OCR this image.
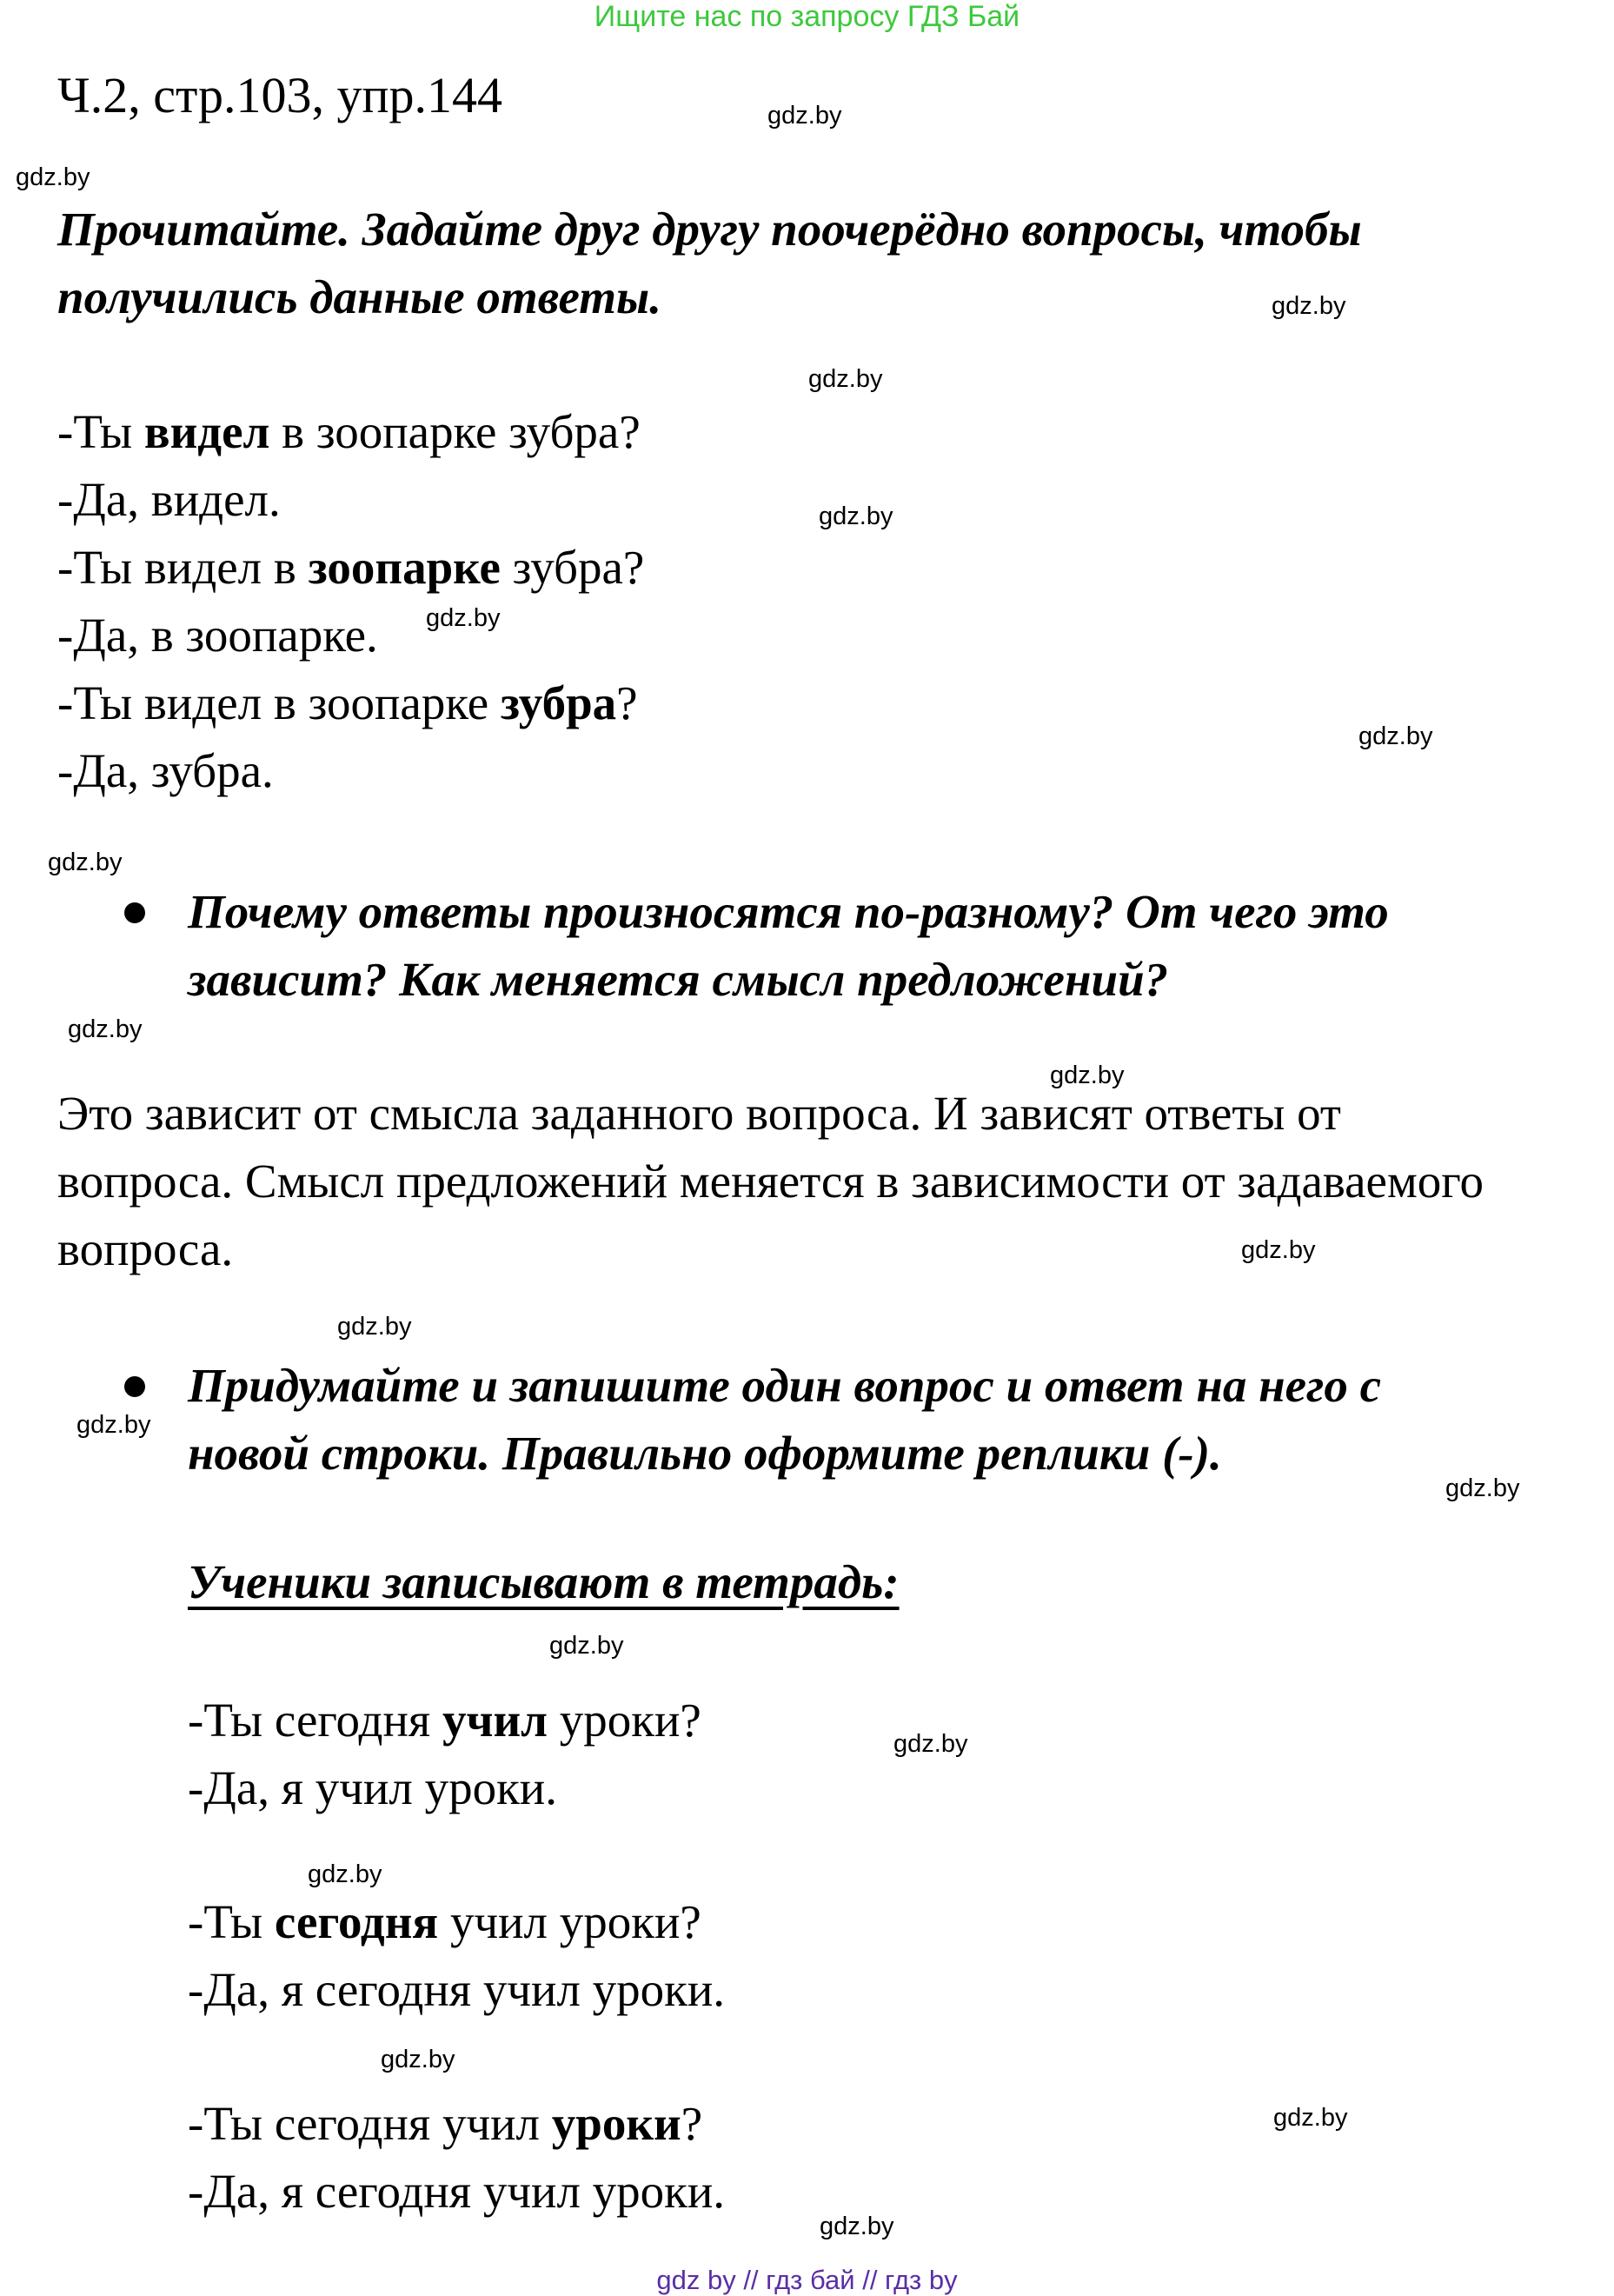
Ищите нас по запросу ГДЗ Бай
Ч.2, стр.103, упр.144
Прочитайте. Задайте друг другу поочерёдно вопросы, чтобы
получились данные ответы.
-Ты видел в зоопарке зубра?
-Да, видел.
-Ты видел в зоопарке зубра?
-Да, в зоопарке.
-Ты видел в зоопарке зубра?
-Да, зубра.
Почему ответы произносятся по-разному? От чего это
зависит? Как меняется смысл предложений?
Это зависит от смысла заданного вопроса. И зависят ответы от
вопроса. Смысл предложений меняется в зависимости от задаваемого
вопроса.
Придумайте и запишите один вопрос и ответ на него с
новой строки. Правильно оформите реплики (-).
Ученики записывают в тетрадь:
-Ты сегодня учил уроки?
-Да, я учил уроки.
-Ты сегодня учил уроки?
-Да, я сегодня учил уроки.
-Ты сегодня учил уроки?
-Да, я сегодня учил уроки.
gdz.by
gdz.by
gdz.by
gdz.by
gdz.by
gdz.by
gdz.by
gdz.by
gdz.by
gdz.by
gdz.by
gdz.by
gdz.by
gdz.by
gdz.by
gdz.by
gdz.by
gdz.by
gdz.by
gdz.by
gdz by // гдз бай // гдз by
